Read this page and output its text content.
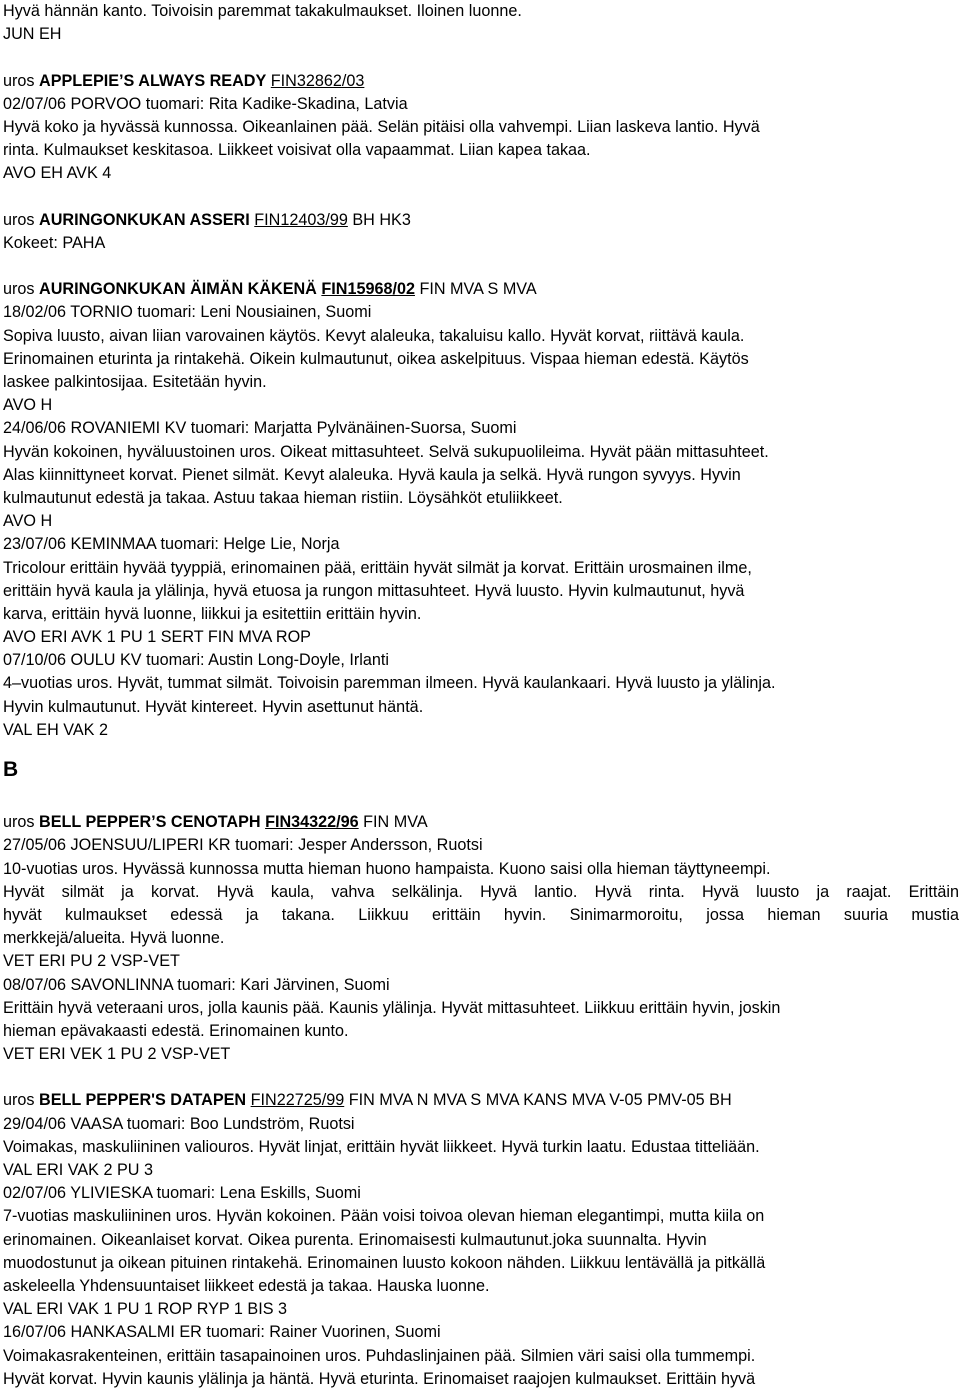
Hyvä hännän kanto. Toivoisin paremmat takakulmaukset. Iloinen luonne.
JUN EH
uros APPLEPIE’S ALWAYS READY FIN32862/03
02/07/06 PORVOO tuomari: Rita Kadike-Skadina, Latvia
Hyvä koko ja hyvässä kunnossa. Oikeanlainen pää. Selän pitäisi olla vahvempi. Liian laskeva lantio. Hyvä
rinta. Kulmaukset keskitasoa. Liikkeet voisivat olla vapaammat. Liian kapea takaa.
AVO EH AVK 4
uros AURINGONKUKAN ASSERI FIN12403/99 BH HK3
Kokeet: PAHA
uros AURINGONKUKAN ÄIMÄN KÄKENÄ FIN15968/02 FIN MVA S MVA
18/02/06 TORNIO tuomari: Leni Nousiainen, Suomi
Sopiva luusto, aivan liian varovainen käytös. Kevyt alaleuka, takaluisu kallo. Hyvät korvat, riittävä kaula.
Erinomainen eturinta ja rintakehä. Oikein kulmautunut, oikea askelpituus. Vispaa hieman edestä. Käytös
laskee palkintosijaa. Esitetään hyvin.
AVO H
24/06/06 ROVANIEMI KV tuomari: Marjatta Pylvänäinen-Suorsa, Suomi
Hyvän kokoinen, hyväluustoinen uros. Oikeat mittasuhteet. Selvä sukupuolileima. Hyvät pään mittasuhteet.
Alas kiinnittyneet korvat. Pienet silmät. Kevyt alaleuka. Hyvä kaula ja selkä. Hyvä rungon syvyys. Hyvin
kulmautunut edestä ja takaa. Astuu takaa hieman ristiin. Löysähköt etuliikkeet.
AVO H
23/07/06 KEMINMAA tuomari: Helge Lie, Norja
Tricolour erittäin hyvää tyyppiä, erinomainen pää, erittäin hyvät silmät ja korvat. Erittäin urosmainen ilme,
erittäin hyvä kaula ja ylälinja, hyvä etuosa ja rungon mittasuhteet. Hyvä luusto. Hyvin kulmautunut, hyvä
karva, erittäin hyvä luonne, liikkui ja esitettiin erittäin hyvin.
AVO ERI AVK 1 PU 1 SERT FIN MVA ROP
07/10/06 OULU KV tuomari: Austin Long-Doyle, Irlanti
4–vuotias uros. Hyvät, tummat silmät. Toivoisin paremman ilmeen. Hyvä kaulankaari. Hyvä luusto ja ylälinja.
Hyvin kulmautunut. Hyvät kintereet. Hyvin asettunut häntä.
VAL EH VAK 2
B
uros BELL PEPPER’S CENOTAPH FIN34322/96 FIN MVA
27/05/06 JOENSUU/LIPERI KR tuomari: Jesper Andersson, Ruotsi
10-vuotias uros. Hyvässä kunnossa mutta hieman huono hampaista. Kuono saisi olla hieman täyttyneempi.
Hyvät silmät ja korvat. Hyvä kaula, vahva selkälinja. Hyvä lantio. Hyvä rinta. Hyvä luusto ja raajat. Erittäin
hyvät kulmaukset edessä ja takana. Liikkuu erittäin hyvin. Sinimarmoroitu, jossa hieman suuria mustia
merkkejä/alueita. Hyvä luonne.
VET ERI PU 2 VSP-VET
08/07/06 SAVONLINNA tuomari: Kari Järvinen, Suomi
Erittäin hyvä veteraani uros, jolla kaunis pää. Kaunis ylälinja. Hyvät mittasuhteet. Liikkuu erittäin hyvin, joskin
hieman epävakaasti edestä. Erinomainen kunto.
VET ERI VEK 1 PU 2 VSP-VET
uros BELL PEPPER'S DATAPEN FIN22725/99 FIN MVA N MVA S MVA KANS MVA V-05 PMV-05 BH
29/04/06 VAASA tuomari: Boo Lundström, Ruotsi
Voimakas, maskuliininen valiouros. Hyvät linjat, erittäin hyvät liikkeet. Hyvä turkin laatu. Edustaa titteliään.
VAL ERI VAK 2 PU 3
02/07/06 YLIVIESKA tuomari: Lena Eskills, Suomi
7-vuotias maskuliininen uros. Hyvän kokoinen. Pään voisi toivoa olevan hieman elegantimpi, mutta kiila on
erinomainen. Oikeanlaiset korvat. Oikea purenta. Erinomaisesti kulmautunut.joka suunnalta. Hyvin
muodostunut ja oikean pituinen rintakehä. Erinomainen luusto kokoon nähden. Liikkuu lentävällä ja pitkällä
askeleella Yhdensuuntaiset liikkeet edestä ja takaa. Hauska luonne.
VAL ERI VAK 1 PU 1 ROP RYP 1 BIS 3
16/07/06 HANKASALMI ER tuomari: Rainer Vuorinen, Suomi
Voimakasrakenteinen, erittäin tasapainoinen uros. Puhdaslinjainen pää. Silmien väri saisi olla tummempi.
Hyvät korvat. Hyvin kaunis ylälinja ja häntä. Hyvä eturinta. Erinomaiset raajojen kulmaukset. Erittäin hyvä
